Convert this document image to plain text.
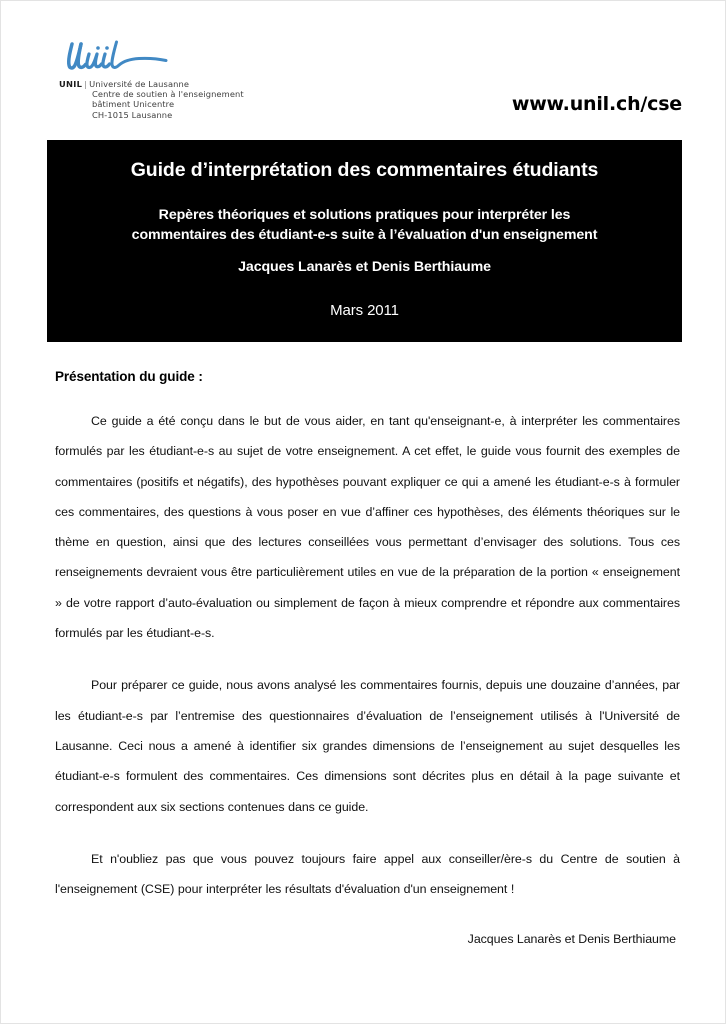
UNIL | Université de Lausanne
Centre de soutien à l'enseignement
bâtiment Unicentre
CH-1015 Lausanne	www.unil.ch/cse
Guide d’interprétation des commentaires étudiants
Repères théoriques et solutions pratiques pour interpréter les
commentaires des étudiant-e-s suite à l’évaluation d'un enseignement
Jacques Lanarès et Denis Berthiaume
Mars 2011
Présentation du guide :

Ce guide a été conçu dans le but de vous aider, en tant qu'enseignant-e, à interpréter les commentaires formulés par les étudiant-e-s au sujet de votre enseignement. A cet effet, le guide vous fournit des exemples de commentaires (positifs et négatifs), des hypothèses pouvant expliquer ce qui a amené les étudiant-e-s à formuler ces commentaires, des questions à vous poser en vue d’affiner ces hypothèses, des éléments théoriques sur le thème en question, ainsi que des lectures conseillées vous permettant d’envisager des solutions. Tous ces renseignements devraient vous être particulièrement utiles en vue de la préparation de la portion « enseignement » de votre rapport d’auto-évaluation ou simplement de façon à mieux comprendre et répondre aux commentaires formulés par les étudiant-e-s.

Pour préparer ce guide, nous avons analysé les commentaires fournis, depuis une douzaine d’années, par les étudiant-e-s par l’entremise des questionnaires d’évaluation de l’enseignement utilisés à l'Université de Lausanne. Ceci nous a amené à identifier six grandes dimensions de l’enseignement au sujet desquelles les étudiant-e-s formulent des commentaires. Ces dimensions sont décrites plus en détail à la page suivante et correspondent aux six sections contenues dans ce guide.

Et n'oubliez pas que vous pouvez toujours faire appel aux conseiller/ère-s du Centre de soutien à l'enseignement (CSE) pour interpréter les résultats d'évaluation d'un enseignement !

Jacques Lanarès et Denis Berthiaume
